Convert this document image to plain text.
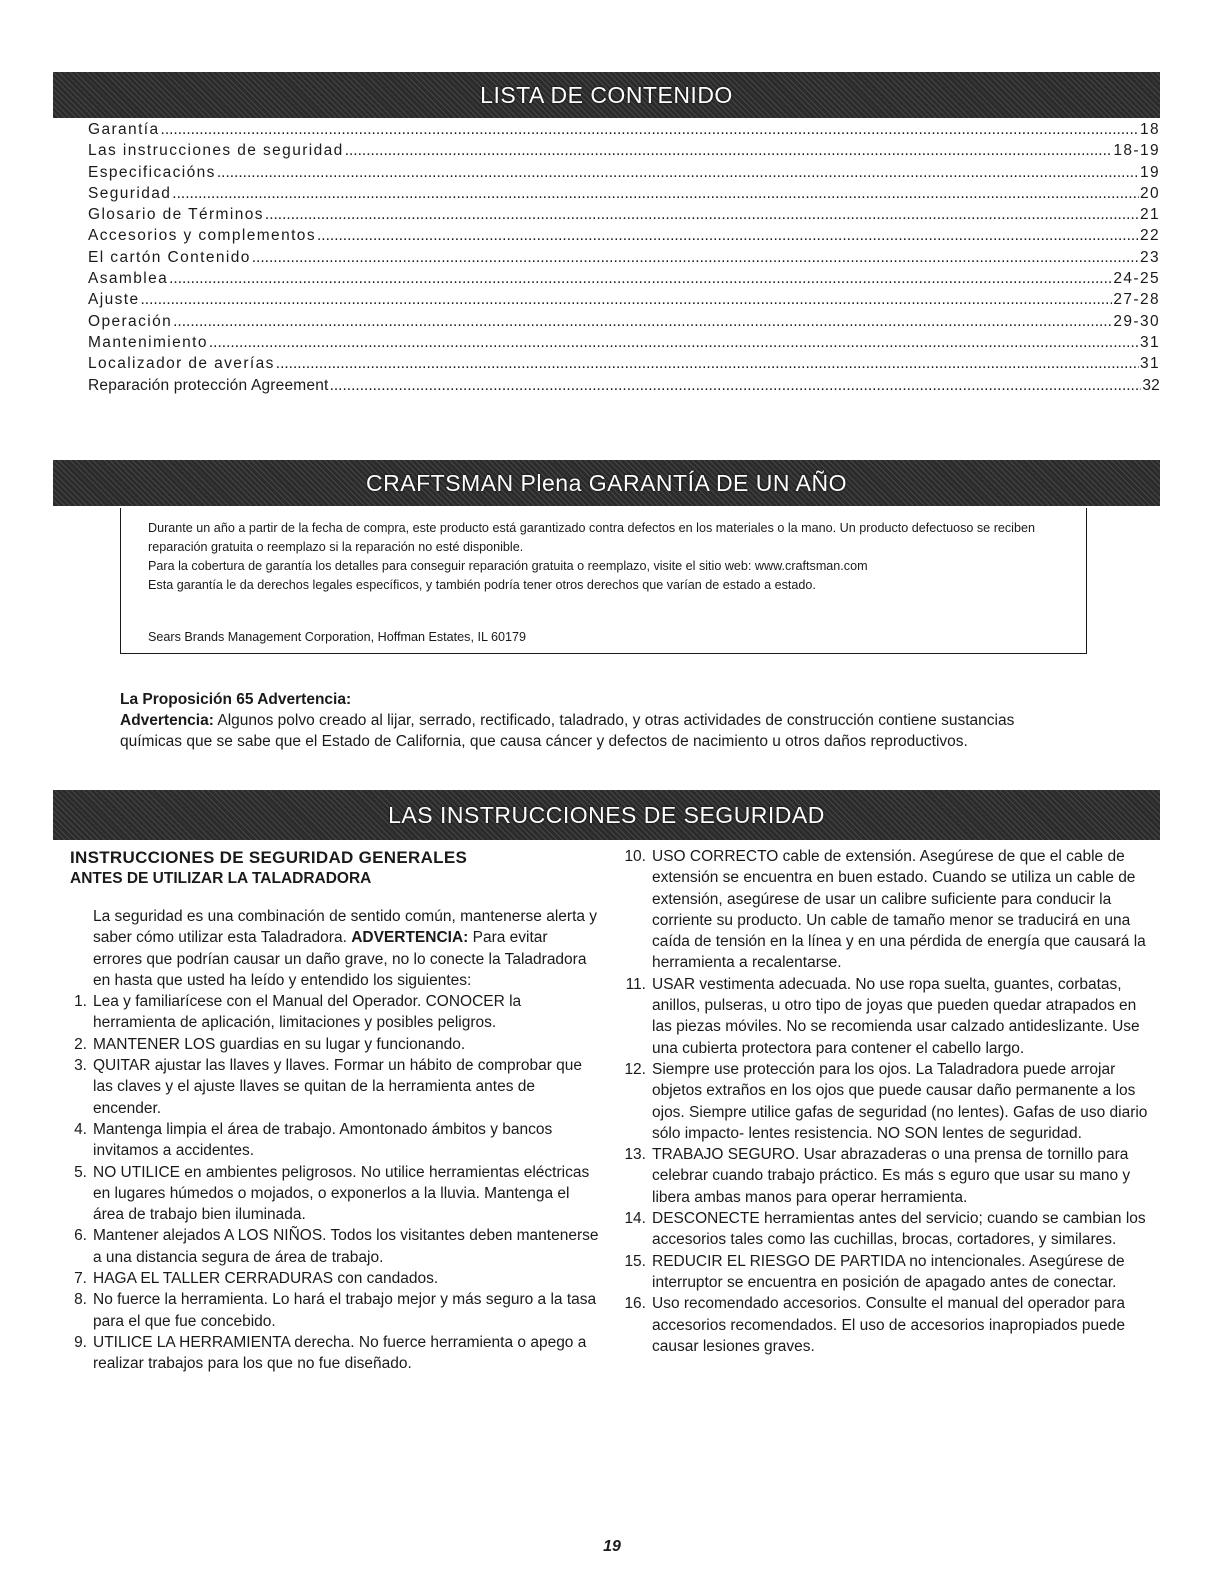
LISTA DE CONTENIDO
Garantía .....	18
Las instrucciones de seguridad .....	18-19
Especificacións .....	19
Seguridad .....	20
Glosario de Términos .....	21
Accesorios y complementos .....	22
El cartón Contenido .....	23
Asamblea .....	24-25
Ajuste .....	27-28
Operación .....	29-30
Mantenimiento .....	31
Localizador de averías .....	31
Reparación protección Agreement .....	32
CRAFTSMAN Plena GARANTÍA DE UN AÑO

Durante un año a partir de la fecha de compra, este producto está garantizado contra defectos en los materiales o la mano. Un producto defectuoso se reciben reparación gratuita o reemplazo si la reparación no esté disponible.

Para la cobertura de garantía los detalles para conseguir reparación gratuita o reemplazo, visite el sitio web: www.craftsman.com

Esta garantía le da derechos legales específicos, y también podría tener otros derechos que varían de estado a estado.

Sears Brands Management Corporation, Hoffman Estates, IL 60179

La Proposición 65 Advertencia:
Advertencia: Algunos polvo creado al lijar, serrado, rectificado, taladrado, y otras actividades de construcción contiene sustancias químicas que se sabe que el Estado de California, que causa cáncer y defectos de nacimiento u otros daños reproductivos.
LAS INSTRUCCIONES DE SEGURIDAD
INSTRUCCIONES DE SEGURIDAD GENERALES
ANTES DE UTILIZAR LA TALADRADORA
La seguridad es una combinación de sentido común, mantenerse alerta y saber cómo utilizar esta Taladradora. ADVERTENCIA: Para evitar errores que podrían causar un daño grave, no lo conecte la Taladradora en hasta que usted ha leído y entendido los siguientes:
1. Lea y familiarícese con el Manual del Operador. CONOCER la herramienta de aplicación, limitaciones y posibles peligros.
2. MANTENER LOS guardias en su lugar y funcionando.
3. QUITAR ajustar las llaves y llaves. Formar un hábito de comprobar que las claves y el ajuste llaves se quitan de la herramienta antes de encender.
4. Mantenga limpia el área de trabajo. Amontonado ámbitos y bancos invitamos a accidentes.
5. NO UTILICE en ambientes peligrosos. No utilice herramientas eléctricas en lugares húmedos o mojados, o exponerlos a la lluvia. Mantenga el área de trabajo bien iluminada.
6. Mantener alejados A LOS NIÑOS. Todos los visitantes deben mantenerse a una distancia segura de área de trabajo.
7. HAGA EL TALLER CERRADURAS con candados.
8. No fuerce la herramienta. Lo hará el trabajo mejor y más seguro a la tasa para el que fue concebido.
9. UTILICE LA HERRAMIENTA derecha. No fuerce herramienta o apego a realizar trabajos para los que no fue diseñado.
10. USO CORRECTO cable de extensión. Asegúrese de que el cable de extensión se encuentra en buen estado. Cuando se utiliza un cable de extensión, asegúrese de usar un calibre suficiente para conducir la corriente su producto. Un cable de tamaño menor se traducirá en una caída de tensión en la línea y en una pérdida de energía que causará la herramienta a recalentarse.
11. USAR vestimenta adecuada. No use ropa suelta, guantes, corbatas, anillos, pulseras, u otro tipo de joyas que pueden quedar atrapados en las piezas móviles. No se recomienda usar calzado antideslizante. Use una cubierta protectora para contener el cabello largo.
12. Siempre use protección para los ojos. La Taladradora puede arrojar objetos extraños en los ojos que puede causar daño permanente a los ojos. Siempre utilice gafas de seguridad (no lentes). Gafas de uso diario sólo impacto- lentes resistencia. NO SON lentes de seguridad.
13. TRABAJO SEGURO. Usar abrazaderas o una prensa de tornillo para celebrar cuando trabajo práctico. Es más s eguro que usar su mano y libera ambas manos para operar herramienta.
14. DESCONECTE herramientas antes del servicio; cuando se cambian los accesorios tales como las cuchillas, brocas, cortadores, y similares.
15. REDUCIR EL RIESGO DE PARTIDA no intencionales. Asegúrese de interruptor se encuentra en posición de apagado antes de conectar.
16. Uso recomendado accesorios. Consulte el manual del operador para accesorios recomendados. El uso de accesorios inapropiados puede causar lesiones graves.
19
